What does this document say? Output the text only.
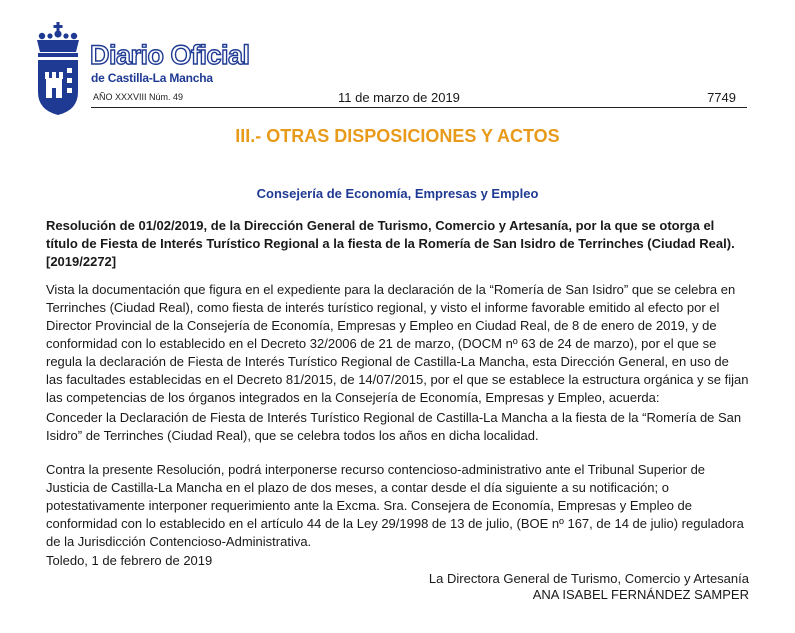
Diario Oficial
de Castilla-La Mancha
AÑO XXXVIII Núm. 49	11 de marzo de 2019	7749
III.- OTRAS DISPOSICIONES Y ACTOS
Consejería de Economía, Empresas y Empleo

Resolución de 01/02/2019, de la Dirección General de Turismo, Comercio y Artesanía, por la que se otorga el título de Fiesta de Interés Turístico Regional a la fiesta de la Romería de San Isidro de Terrinches (Ciudad Real). [2019/2272]

Vista la documentación que figura en el expediente para la declaración de la “Romería de San Isidro” que se celebra en Terrinches (Ciudad Real), como fiesta de interés turístico regional, y visto el informe favorable emitido al efecto por el Director Provincial de la Consejería de Economía, Empresas y Empleo en Ciudad Real, de 8 de enero de 2019, y de conformidad con lo establecido en el Decreto 32/2006 de 21 de marzo, (DOCM nº 63 de 24 de marzo), por el que se regula la declaración de Fiesta de Interés Turístico Regional de Castilla-La Mancha, esta Dirección General, en uso de las facultades establecidas en el Decreto 81/2015, de 14/07/2015, por el que se establece la estructura orgánica y se fijan las competencias de los órganos integrados en la Consejería de Economía, Empresas y Empleo, acuerda:

Conceder la Declaración de Fiesta de Interés Turístico Regional de Castilla-La Mancha a la fiesta de la “Romería de San Isidro” de Terrinches (Ciudad Real), que se celebra todos los años en dicha localidad.

Contra la presente Resolución, podrá interponerse recurso contencioso-administrativo ante el Tribunal Superior de Justicia de Castilla-La Mancha en el plazo de dos meses, a contar desde el día siguiente a su notificación; o potestativamente interponer requerimiento ante la Excma. Sra. Consejera de Economía, Empresas y Empleo de conformidad con lo establecido en el artículo 44 de la Ley 29/1998 de 13 de julio, (BOE nº 167, de 14 de julio) reguladora de la Jurisdicción Contencioso-Administrativa.

Toledo, 1 de febrero de 2019
La Directora General de Turismo, Comercio y Artesanía
ANA ISABEL FERNÁNDEZ SAMPER
